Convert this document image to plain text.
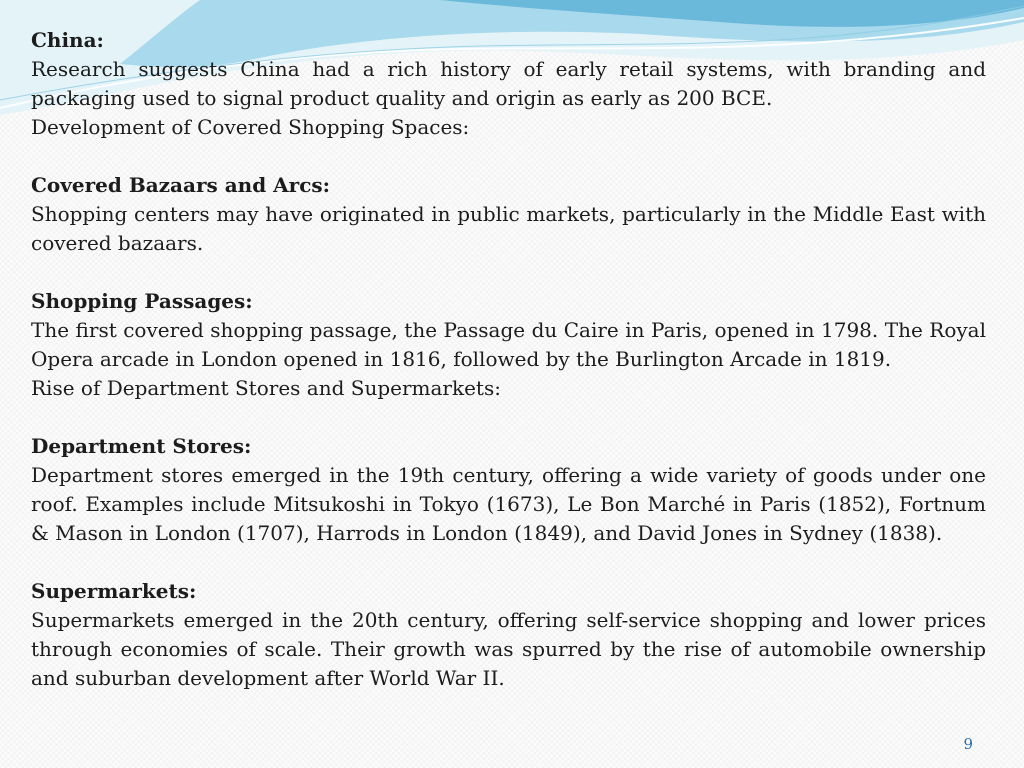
China:

Research suggests China had a rich history of early retail systems, with branding and packaging used to signal product quality and origin as early as 200 BCE.

Development of Covered Shopping Spaces:

Covered Bazaars and Arcs:

Shopping centers may have originated in public markets, particularly in the Middle East with covered bazaars.

Shopping Passages:

The first covered shopping passage, the Passage du Caire in Paris, opened in 1798. The Royal Opera arcade in London opened in 1816, followed by the Burlington Arcade in 1819.

Rise of Department Stores and Supermarkets:

Department Stores:

Department stores emerged in the 19th century, offering a wide variety of goods under one roof. Examples include Mitsukoshi in Tokyo (1673), Le Bon Marché in Paris (1852), Fortnum & Mason in London (1707), Harrods in London (1849), and David Jones in Sydney (1838).

Supermarkets:

Supermarkets emerged in the 20th century, offering self-service shopping and lower prices through economies of scale. Their growth was spurred by the rise of automobile ownership and suburban development after World War II.

9
